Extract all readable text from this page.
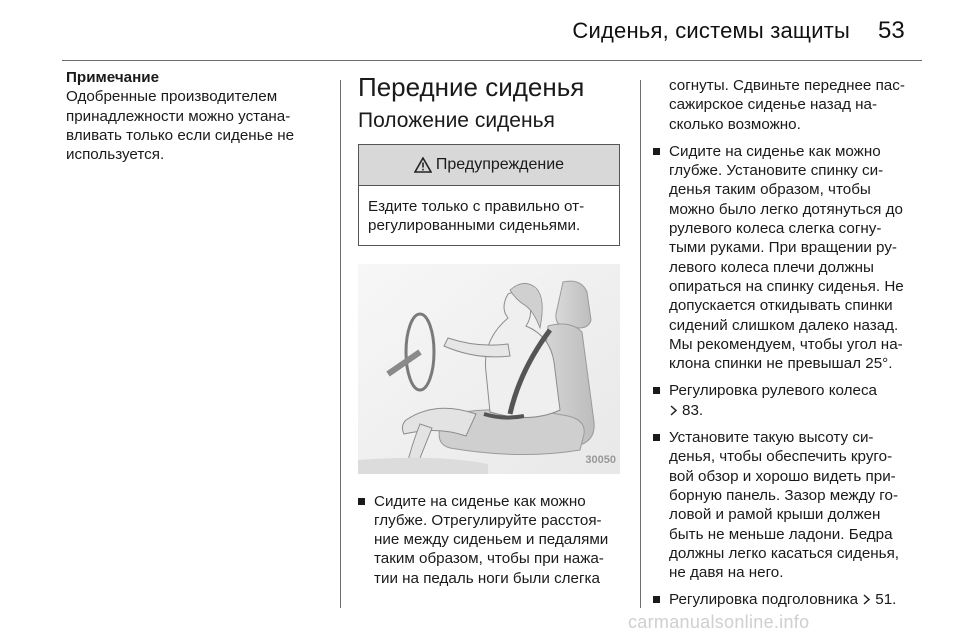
Сиденья, системы защиты 53
Примечание
Одобренные производителем
принадлежности можно устана-
вливать только если сиденье не
используется.
Передние сиденья
Положение сиденья
Предупреждение
Ездите только с правильно от-
регулированными сиденьями.
30050
Сидите на сиденье как можно
глубже. Отрегулируйте расстоя-
ние между сиденьем и педалями
таким образом, чтобы при нажа-
тии на педаль ноги были слегка
согнуты. Сдвиньте переднее пас-
сажирское сиденье назад на-
сколько возможно.
Сидите на сиденье как можно
глубже. Установите спинку си-
денья таким образом, чтобы
можно было легко дотянуться до
рулевого колеса слегка согну-
тыми руками. При вращении ру-
левого колеса плечи должны
опираться на спинку сиденья. Не
допускается откидывать спинки
сидений слишком далеко назад.
Мы рекомендуем, чтобы угол на-
клона спинки не превышал 25°.
Регулировка рулевого колеса
83.
Установите такую высоту си-
денья, чтобы обеспечить круго-
вой обзор и хорошо видеть при-
борную панель. Зазор между го-
ловой и рамой крыши должен
быть не меньше ладони. Бедра
должны легко касаться сиденья,
не давя на него.
Регулировка подголовника 51.
carmanualsonline.info
